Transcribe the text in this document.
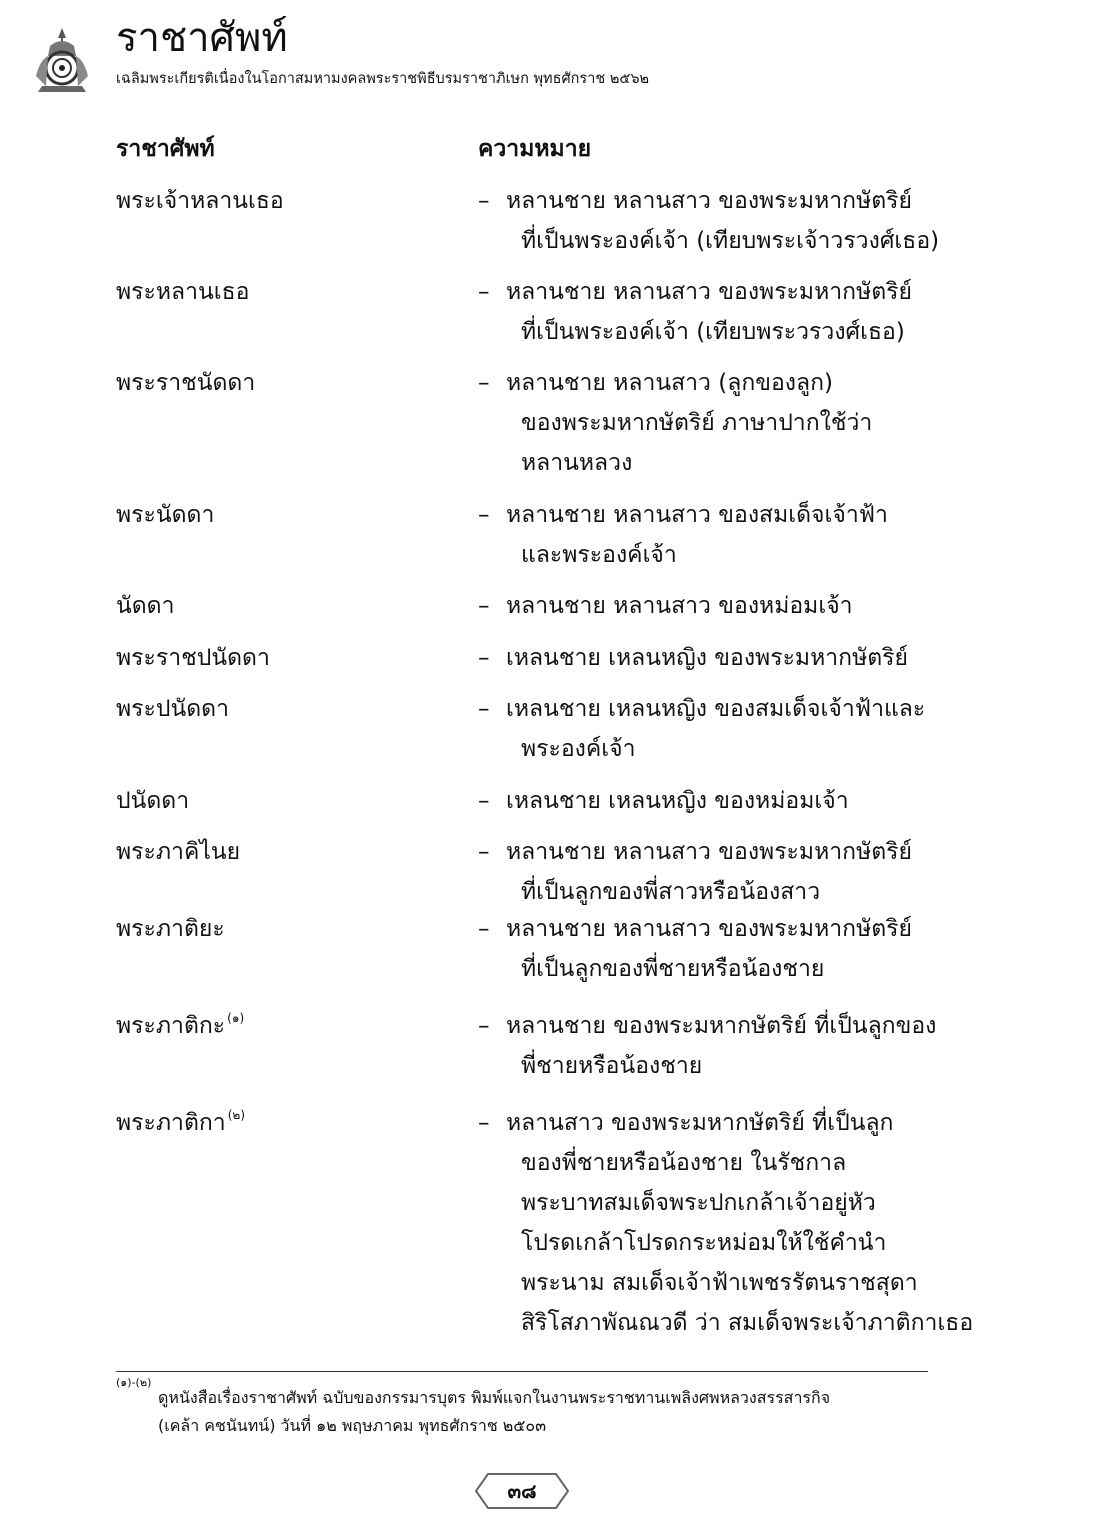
ราชาศัพท์
เฉลิมพระเกียรติเนื่องในโอกาสมหามงคลพระราชพิธีบรมราชาภิเษก พุทธศักราช ๒๕๖๒
ราชาศัพท์	ความหมาย
พระเจ้าหลานเธอ	– หลานชาย หลานสาว ของพระมหากษัตริย์
ที่เป็นพระองค์เจ้า (เทียบพระเจ้าวรวงศ์เธอ)
พระหลานเธอ	– หลานชาย หลานสาว ของพระมหากษัตริย์
ที่เป็นพระองค์เจ้า (เทียบพระวรวงศ์เธอ)
พระราชนัดดา	– หลานชาย หลานสาว (ลูกของลูก)
ของพระมหากษัตริย์ ภาษาปากใช้ว่า
หลานหลวง
พระนัดดา	– หลานชาย หลานสาว ของสมเด็จเจ้าฟ้า
และพระองค์เจ้า
นัดดา	– หลานชาย หลานสาว ของหม่อมเจ้า
พระราชปนัดดา	– เหลนชาย เหลนหญิง ของพระมหากษัตริย์
พระปนัดดา	– เหลนชาย เหลนหญิง ของสมเด็จเจ้าฟ้าและ
พระองค์เจ้า
ปนัดดา	– เหลนชาย เหลนหญิง ของหม่อมเจ้า
พระภาคิไนย	– หลานชาย หลานสาว ของพระมหากษัตริย์
ที่เป็นลูกของพี่สาวหรือน้องสาว
พระภาติยะ	– หลานชาย หลานสาว ของพระมหากษัตริย์
ที่เป็นลูกของพี่ชายหรือน้องชาย
พระภาติกะ $^{(๑)}$	– หลานชาย ของพระมหากษัตริย์ ที่เป็นลูกของ
พี่ชายหรือน้องชาย
พระภาติกา $^{(๒)}$	– หลานสาว ของพระมหากษัตริย์ ที่เป็นลูก
ของพี่ชายหรือน้องชาย ในรัชกาล
พระบาทสมเด็จพระปกเกล้าเจ้าอยู่หัว
โปรดเกล้าโปรดกระหม่อมให้ใช้คำนำ
พระนาม สมเด็จเจ้าฟ้าเพชรรัตนราชสุดา
สิริโสภาพัณณวดี ว่า สมเด็จพระเจ้าภาติกาเธอ
(๑)-(๒)
ดูหนังสือเรื่องราชาศัพท์ ฉบับของกรรมารบุตร พิมพ์แจกในงานพระราชทานเพลิงศพหลวงสรรสารกิจ
(เคล้า คชนันทน์) วันที่ ๑๒ พฤษภาคม พุทธศักราช ๒๕๐๓
๓๘
